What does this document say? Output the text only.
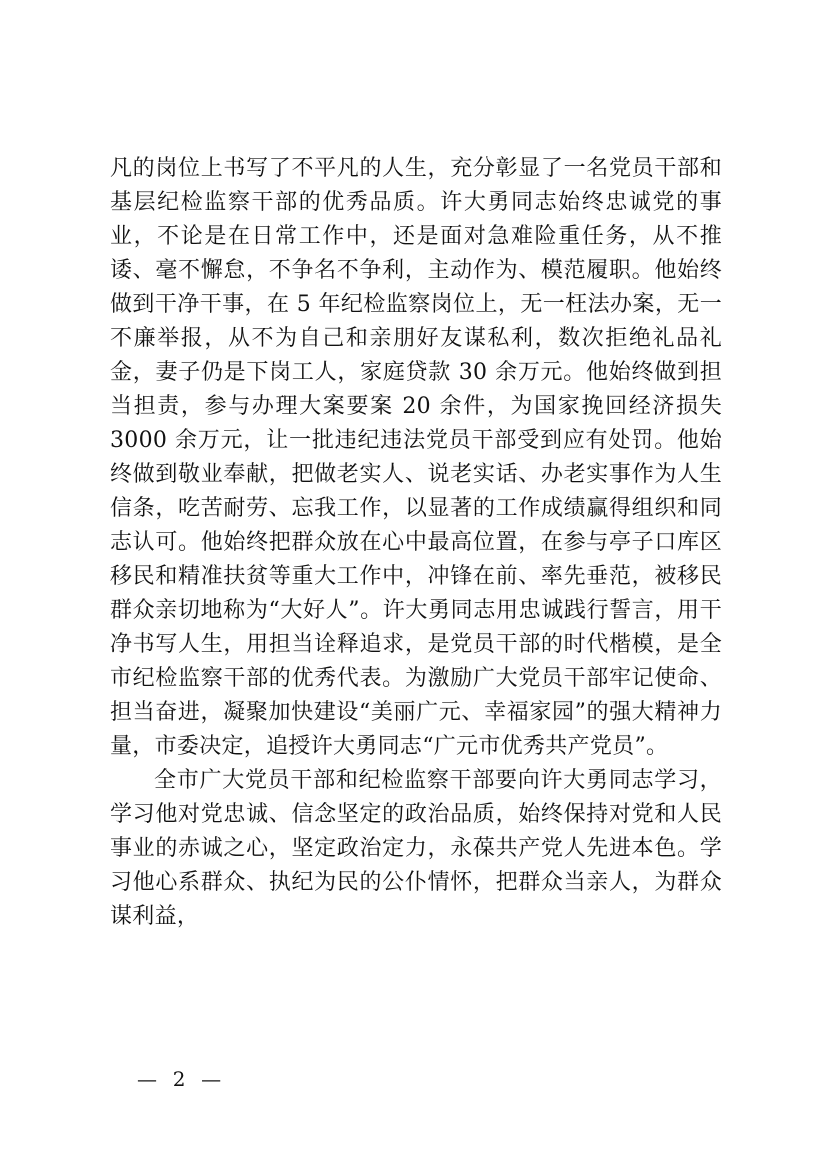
凡的岗位上书写了不平凡的人生，充分彰显了一名党员干部和基层纪检监察干部的优秀品质。许大勇同志始终忠诚党的事业，不论是在日常工作中，还是面对急难险重任务，从不推诿、毫不懈怠，不争名不争利，主动作为、模范履职。他始终做到干净干事，在 5 年纪检监察岗位上，无一枉法办案，无一不廉举报，从不为自己和亲朋好友谋私利，数次拒绝礼品礼金，妻子仍是下岗工人，家庭贷款 30 余万元。他始终做到担当担责，参与办理大案要案 20 余件，为国家挽回经济损失 3000 余万元，让一批违纪违法党员干部受到应有处罚。他始终做到敬业奉献，把做老实人、说老实话、办老实事作为人生信条，吃苦耐劳、忘我工作，以显著的工作成绩赢得组织和同志认可。他始终把群众放在心中最高位置，在参与亭子口库区移民和精准扶贫等重大工作中，冲锋在前、率先垂范，被移民群众亲切地称为“大好人”。许大勇同志用忠诚践行誓言，用干净书写人生，用担当诠释追求，是党员干部的时代楷模，是全市纪检监察干部的优秀代表。为激励广大党员干部牢记使命、担当奋进，凝聚加快建设“美丽广元、幸福家园”的强大精神力量，市委决定，追授许大勇同志“广元市优秀共产党员”。

全市广大党员干部和纪检监察干部要向许大勇同志学习，学习他对党忠诚、信念坚定的政治品质，始终保持对党和人民事业的赤诚之心，坚定政治定力，永葆共产党人先进本色。学习他心系群众、执纪为民的公仆情怀，把群众当亲人，为群众谋利益，

—  2  —
